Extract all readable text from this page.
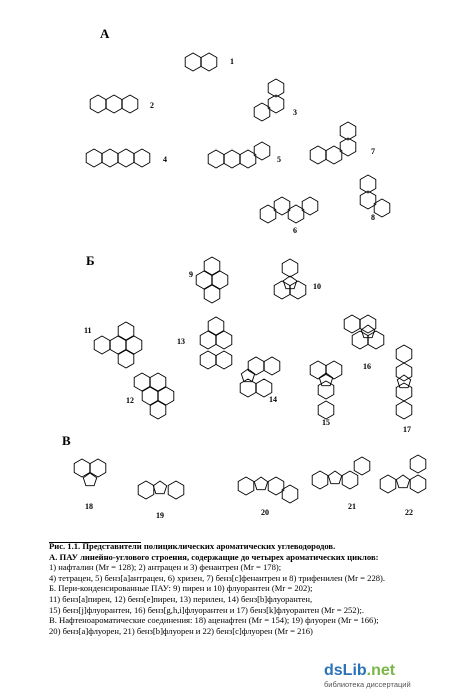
А
Б
В
1
2
3
4	5
6
7
8
9
10
11
12
13
14
15
16
17
18
19	20
21
22
Рис. 1.1. Представители полициклических ароматических углеводородов.
А. ПАУ линейно-углового строения, содержащие до четырех ароматических циклов:
1) нафталин (Mr = 128); 2) антрацен и 3) фенантрен (Mr = 178);
4) тетрацен, 5) бенз[а]антрацен, 6) хризен, 7) бенз[с]фенантрен и 8) трифенилен (Mr = 228).
Б. Пери-конденсированные ПАУ: 9) пирен и 10) флуорантен (Mr = 202);
11) бенз[а]пирен, 12) бенз[е]пирен, 13) перилен, 14) бенз[b]флуорантен,
15) бенз[j]флуорантен, 16) бенз[g,h,i]флуорантен и 17) бенз[k]флуорантен (Mr = 252);.
В. Нафтеноароматические соединения: 18) аценафтен (Mr = 154); 19) флуорен (Mr = 166);
20) бенз[а]флуорен, 21) бенз[b]флуорен и 22) бенз[с]флуорен (Mr = 216)
dsLib.net
библиотека диссертаций
